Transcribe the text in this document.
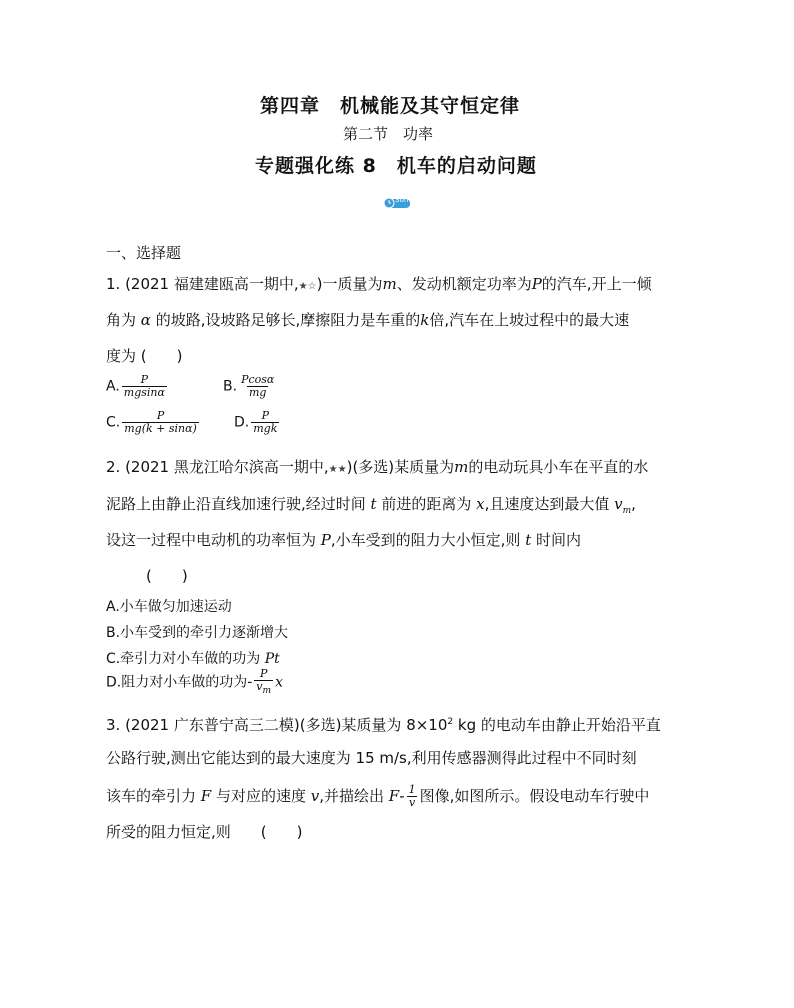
第四章　机械能及其守恒定律
第二节　功率
专题强化练 8　机车的启动问题
30min
一、选择题
1. (2021 福建建瓯高一期中,★☆)一质量为m、发动机额定功率为P的汽车,开上一倾
角为 α 的坡路,设坡路足够长,摩擦阻力是车重的k倍,汽车在上坡过程中的最大速
度为 (　　)
A. $\frac{P}{mgsin\alpha}$	B. $\frac{Pcos\alpha}{mg}$
C. $\frac{P}{mg(k + \sin\alpha)}$	D. $\frac{P}{\text{mgk}}$
2. (2021 黑龙江哈尔滨高一期中,★★)(多选)某质量为m的电动玩具小车在平直的水
泥路上由静止沿直线加速行驶,经过时间 t 前进的距离为 x,且速度达到最大值 $v_m$,
设这一过程中电动机的功率恒为 P,小车受到的阻力大小恒定,则 t 时间内
(　　)
A.小车做匀加速运动
B.小车受到的牵引力逐渐增大
C.牵引力对小车做的功为 Pt
D.阻力对小车做的功为- $\frac{P}{v_m}$ x
3. (2021 广东普宁高三二模)(多选)某质量为 $8\times 10^2$ kg 的电动车由静止开始沿平直
公路行驶,测出它能达到的最大速度为 15 m/s,利用传感器测得此过程中不同时刻
该车的牵引力 F 与对应的速度 v,并描绘出 $F- \frac{1}{v}$ 图像,如图所示。假设电动车行驶中
所受的阻力恒定,则　　(　　)
